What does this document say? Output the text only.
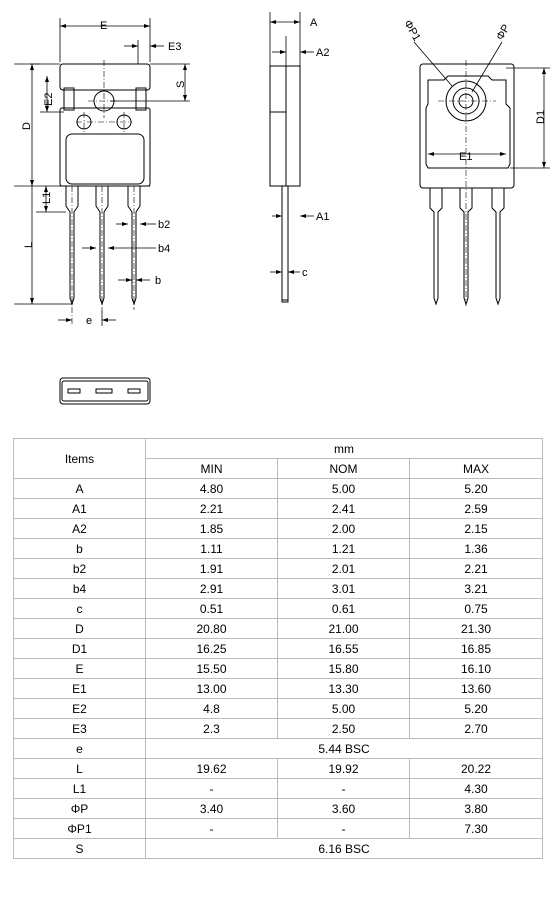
E
E3
S
E2
D
L1
L
b2
b4
b
e
A
A2
A1
c
ΦP1	ΦP
D1
E1
Items	mm		
	MIN	NOM	MAX
A	4.80	5.00	5.20
A1	2.21	2.41	2.59
A2	1.85	2.00	2.15
b	1.11	1.21	1.36
b2	1.91	2.01	2.21
b4	2.91	3.01	3.21
c	0.51	0.61	0.75
D	20.80	21.00	21.30
D1	16.25	16.55	16.85
E	15.50	15.80	16.10
E1	13.00	13.30	13.60
E2	4.8	5.00	5.20
E3	2.3	2.50	2.70
e	5.44 BSC		
L	19.62	19.92	20.22
L1	-	-	4.30
ΦP	3.40	3.60	3.80
ΦP1	-	-	7.30
S	6.16 BSC		
